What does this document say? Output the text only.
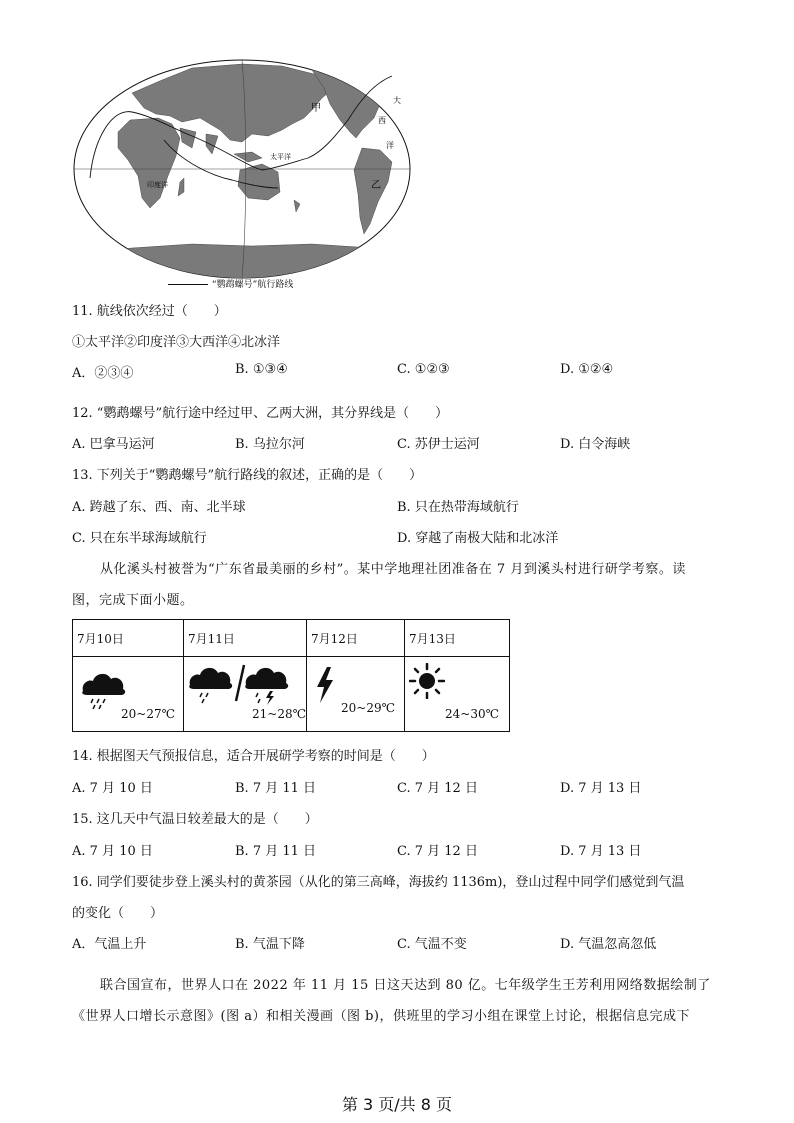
甲
乙
太平洋
印度洋
大
西
洋
“鹦鹉螺号”航行路线
11. 航线依次经过（　　）
①太平洋②印度洋③大西洋④北冰洋
A．②③④	B. ①③④	C. ①②③	D. ①②④
12. “鹦鹉螺号”航行途中经过甲、乙两大洲，其分界线是（　　）
A. 巴拿马运河	B. 乌拉尔河	C. 苏伊士运河	D. 白令海峡
13. 下列关于“鹦鹉螺号”航行路线的叙述，正确的是（　　）
A. 跨越了东、西、南、北半球	B. 只在热带海域航行
C. 只在东半球海域航行	D. 穿越了南极大陆和北冰洋
从化溪头村被誉为“广东省最美丽的乡村”。某中学地理社团准备在 7 月到溪头村进行研学考察。读
图，完成下面小题。
7月10日	7月11日	7月12日	7月13日

20~27℃	21~28℃	20~29℃	24~30℃
14. 根据图天气预报信息，适合开展研学考察的时间是（　　）
A. 7 月 10 日	B. 7 月 11 日	C. 7 月 12 日	D. 7 月 13 日
15. 这几天中气温日较差最大的是（　　）
A. 7 月 10 日	B. 7 月 11 日	C. 7 月 12 日	D. 7 月 13 日
16. 同学们要徒步登上溪头村的黄茶园（从化的第三高峰，海拔约 1136m)，登山过程中同学们感觉到气温
的变化（　　）
A．气温上升	B. 气温下降	C. 气温不变	D. 气温忽高忽低
联合国宣布，世界人口在 2022 年 11 月 15 日这天达到 80 亿。七年级学生王芳利用网络数据绘制了
《世界人口增长示意图》(图 a）和相关漫画（图 b)，供班里的学习小组在课堂上讨论，根据信息完成下
第 3 页/共 8 页
